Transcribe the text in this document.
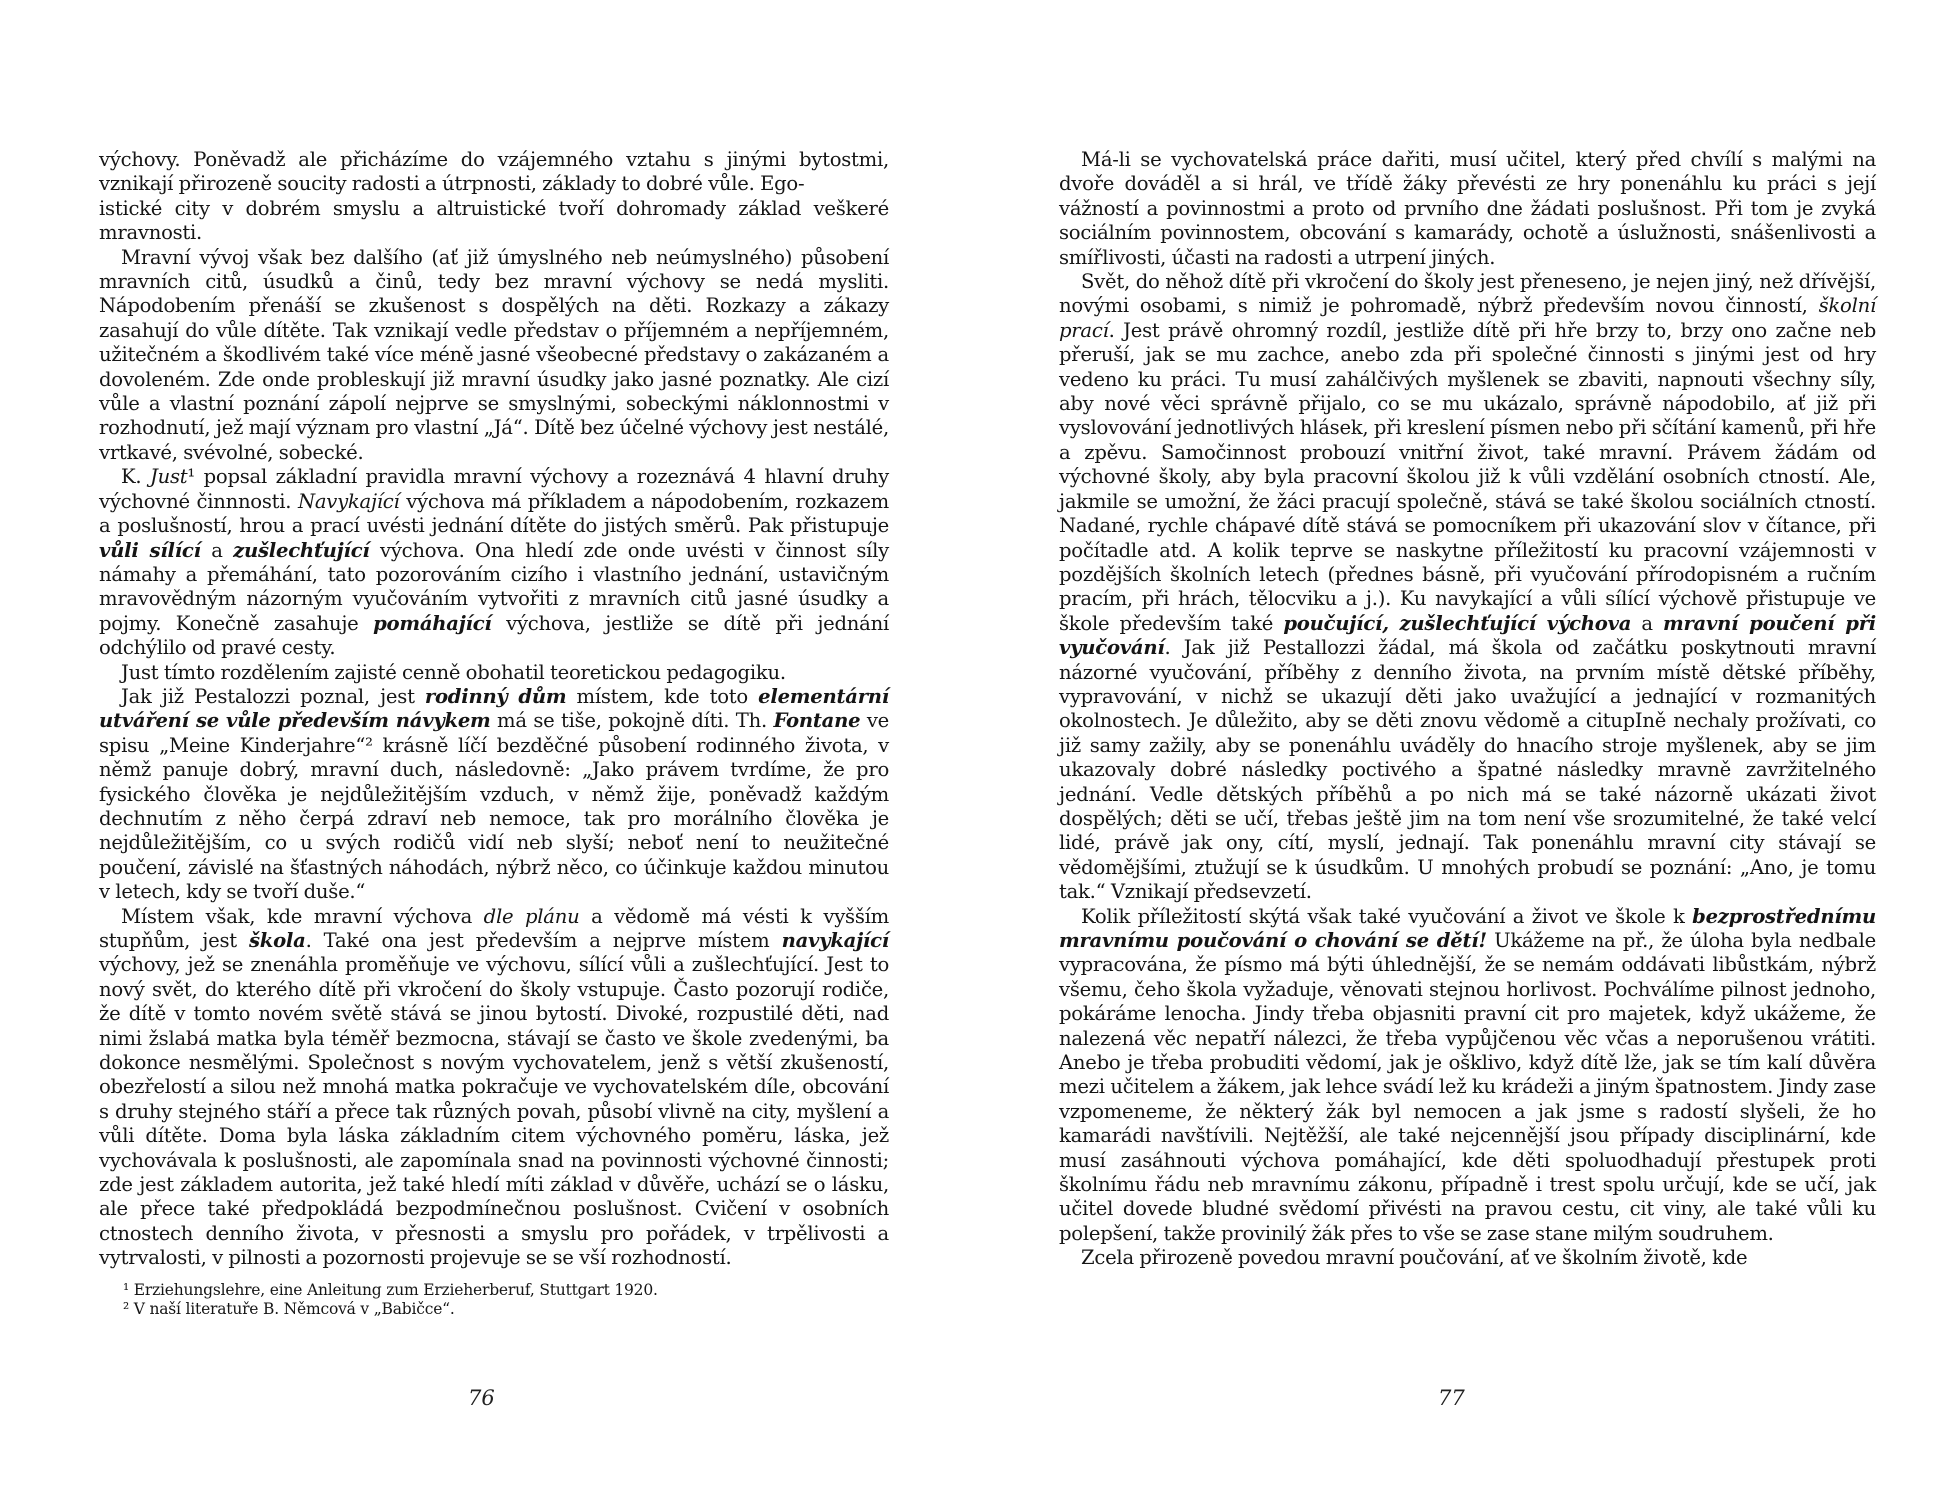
výchovy. Poněvadž ale přicházíme do vzájemného vztahu s jinými bytostmi, vznikají přirozeně soucity radosti a útrpnosti, základy to dobré vůle. Ego-
istické city v dobrém smyslu a altruistické tvoří dohromady základ veškeré mravnosti.

Mravní vývoj však bez dalšího (ať již úmyslného neb neúmyslného) působení mravních citů, úsudků a činů, tedy bez mravní výchovy se nedá mysliti. Nápodobením přenáší se zkušenost s dospělých na děti. Rozkazy a zákazy zasahují do vůle dítěte. Tak vznikají vedle představ o příjemném a nepříjemném, užitečném a škodlivém také více méně jasné všeobecné představy o zakázaném a dovoleném. Zde onde probleskují již mravní úsudky jako jasné poznatky. Ale cizí vůle a vlastní poznání zápolí nejprve se smyslnými, sobeckými náklonnostmi v rozhodnutí, jež mají význam pro vlastní „Já“. Dítě bez účelné výchovy jest nestálé, vrtkavé, svévolné, sobecké.

K. Just¹ popsal základní pravidla mravní výchovy a rozeznává 4 hlavní druhy výchovné činnnosti. Navykající výchova má příkladem a nápodobením, rozkazem a poslušností, hrou a prací uvésti jednání dítěte do jistých směrů. Pak přistupuje vůli sílící a zušlechťující výchova. Ona hledí zde onde uvésti v činnost síly námahy a přemáhání, tato pozorováním cizího i vlastního jednání, ustavičným mravovědným názorným vyučováním vytvořiti z mravních citů jasné úsudky a pojmy. Konečně zasahuje pomáhající výchova, jestliže se dítě při jednání odchýlilo od pravé cesty.

Just tímto rozdělením zajisté cenně obohatil teoretickou pedagogiku.

Jak již Pestalozzi poznal, jest rodinný dům místem, kde toto elementární utváření se vůle především návykem má se tiše, pokojně díti. Th. Fontane ve spisu „Meine Kinderjahre“² krásně líčí bezděčné působení rodinného života, v němž panuje dobrý, mravní duch, následovně: „Jako právem tvrdíme, že pro fysického člověka je nejdůležitějším vzduch, v němž žije, poněvadž každým dechnutím z něho čerpá zdraví neb nemoce, tak pro morálního člověka je nejdůležitějším, co u svých rodičů vidí neb slyší; neboť není to neužitečné poučení, závislé na šťastných náhodách, nýbrž něco, co účinkuje každou minutou v letech, kdy se tvoří duše.“

Místem však, kde mravní výchova dle plánu a vědomě má vésti k vyšším stupňům, jest škola. Také ona jest především a nejprve místem navykající výchovy, jež se znenáhla proměňuje ve výchovu, sílící vůli a zušlechťující. Jest to nový svět, do kterého dítě při vkročení do školy vstupuje. Často pozorují rodiče, že dítě v tomto novém světě stává se jinou bytostí. Divoké, rozpustilé děti, nad nimi žslabá matka byla téměř bezmocna, stávají se často ve škole zvedenými, ba dokonce nesmělými. Společnost s novým vychovatelem, jenž s větší zkušeností, obezřelostí a silou než mnohá matka pokračuje ve vychovatelském díle, obcování s druhy stejného stáří a přece tak různých povah, působí vlivně na city, myšlení a vůli dítěte. Doma byla láska základním citem výchovného poměru, láska, jež vychovávala k poslušnosti, ale zapomínala snad na povinnosti výchovné činnosti; zde jest základem autorita, jež také hledí míti základ v důvěře, uchází se o lásku, ale přece také předpokládá bezpodmínečnou poslušnost. Cvičení v osobních ctnostech denního života, v přesnosti a smyslu pro pořádek, v trpělivosti a vytrvalosti, v pilnosti a pozornosti projevuje se se vší rozhodností.

¹ Erziehungslehre, eine Anleitung zum Erzieherberuf, Stuttgart 1920.

² V naší literatuře B. Němcová v „Babičce“.

76

Má-li se vychovatelská práce dařiti, musí učitel, který před chvílí s malými na dvoře dováděl a si hrál, ve třídě žáky převésti ze hry ponenáhlu ku práci s její vážností a povinnostmi a proto od prvního dne žádati poslušnost. Při tom je zvyká sociálním povinnostem, obcování s kamarády, ochotě a úslužnosti, snášenlivosti a smířlivosti, účasti na radosti a utrpení jiných.

Svět, do něhož dítě při vkročení do školy jest přeneseno, je nejen jiný, než dřívější, novými osobami, s nimiž je pohromadě, nýbrž především novou činností, školní prací. Jest právě ohromný rozdíl, jestliže dítě při hře brzy to, brzy ono začne neb přeruší, jak se mu zachce, anebo zda při společné činnosti s jinými jest od hry vedeno ku práci. Tu musí zahálčivých myšlenek se zbaviti, napnouti všechny síly, aby nové věci správně přijalo, co se mu ukázalo, správně nápodobilo, ať již při vyslovování jednotlivých hlásek, při kreslení písmen nebo při sčítání kamenů, při hře a zpěvu. Samočinnost probouzí vnitřní život, také mravní. Právem žádám od výchovné školy, aby byla pracovní školou již k vůli vzdělání osobních ctností. Ale, jakmile se umožní, že žáci pracují společně, stává se také školou sociálních ctností. Nadané, rychle chápavé dítě stává se pomocníkem při ukazování slov v čítance, při počítadle atd. A kolik teprve se naskytne příležitostí ku pracovní vzájemnosti v pozdějších školních letech (přednes básně, při vyučování přírodopisném a ručním pracím, při hrách, tělocviku a j.). Ku navykající a vůli sílící výchově přistupuje ve škole především také poučující, zušlechťující výchova a mravní poučení při vyučování. Jak již Pestallozzi žádal, má škola od začátku poskytnouti mravní názorné vyučování, příběhy z denního života, na prvním místě dětské příběhy, vypravování, v nichž se ukazují děti jako uvažující a jednající v rozmanitých okolnostech. Je důležito, aby se děti znovu vědomě a citupIně nechaly prožívati, co již samy zažily, aby se ponenáhlu uváděly do hnacího stroje myšlenek, aby se jim ukazovaly dobré následky poctivého a špatné následky mravně zavržitelného jednání. Vedle dětských příběhů a po nich má se také názorně ukázati život dospělých; děti se učí, třebas ještě jim na tom není vše srozumitelné, že také velcí lidé, právě jak ony, cítí, myslí, jednají. Tak ponenáhlu mravní city stávají se vědomějšími, ztužují se k úsudkům. U mnohých probudí se poznání: „Ano, je tomu tak.“ Vznikají předsevzetí.

Kolik příležitostí skýtá však také vyučování a život ve škole k bezprostřednímu mravnímu poučování o chování se dětí! Ukážeme na př., že úloha byla nedbale vypracována, že písmo má býti úhlednější, že se nemám oddávati libůstkám, nýbrž všemu, čeho škola vyžaduje, věnovati stejnou horlivost. Pochválíme pilnost jednoho, pokáráme lenocha. Jindy třeba objasniti pravní cit pro majetek, když ukážeme, že nalezená věc nepatří nálezci, že třeba vypůjčenou věc včas a neporušenou vrátiti. Anebo je třeba probuditi vědomí, jak je ošklivo, když dítě lže, jak se tím kalí důvěra mezi učitelem a žákem, jak lehce svádí lež ku krádeži a jiným špatnostem. Jindy zase vzpomeneme, že některý žák byl nemocen a jak jsme s radostí slyšeli, že ho kamarádi navštívili. Nejtěžší, ale také nejcennější jsou případy disciplinární, kde musí zasáhnouti výchova pomáhající, kde děti spoluodhadují přestupek proti školnímu řádu neb mravnímu zákonu, případně i trest spolu určují, kde se učí, jak učitel dovede bludné svědomí přivésti na pravou cestu, cit viny, ale také vůli ku polepšení, takže provinilý žák přes to vše se zase stane milým soudruhem.

Zcela přirozeně povedou mravní poučování, ať ve školním životě, kde

77
